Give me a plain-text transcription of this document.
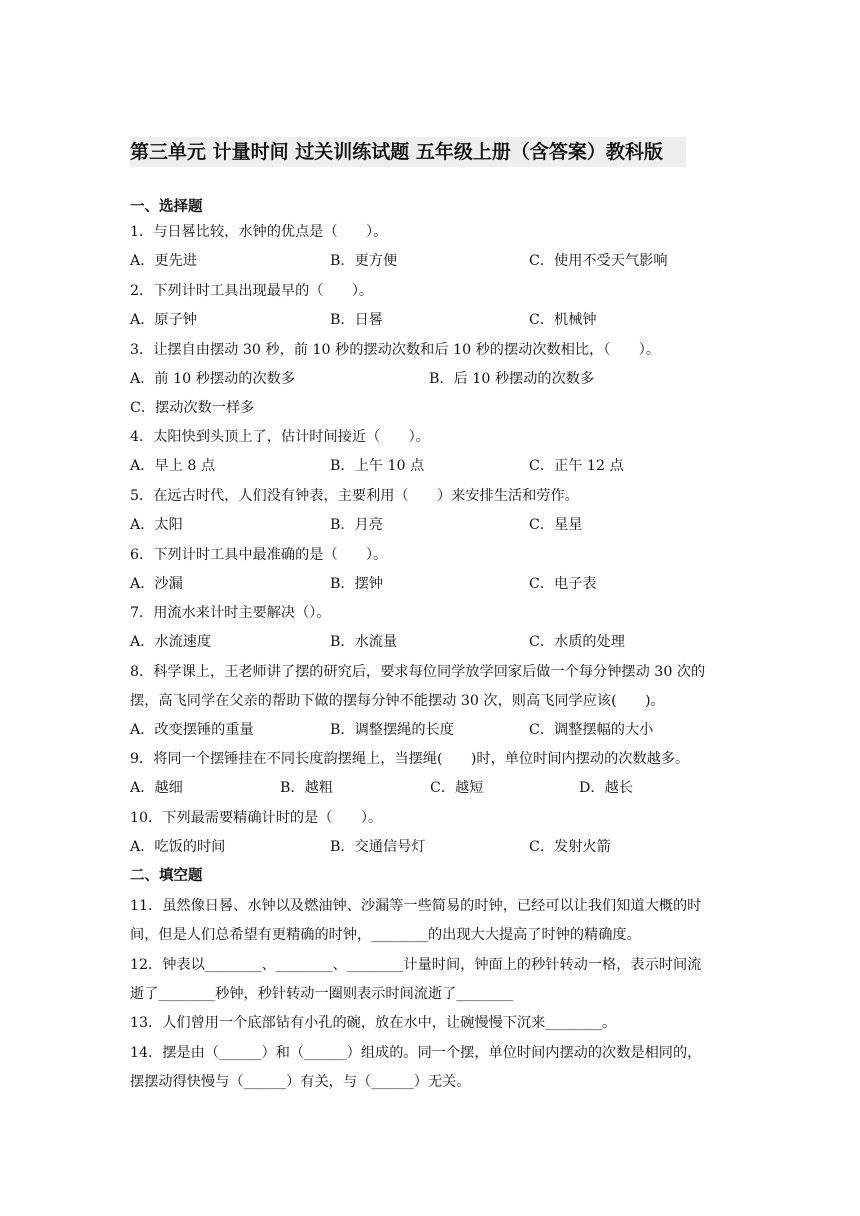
第三单元 计量时间 过关训练试题 五年级上册（含答案）教科版
一、选择题
1．与日晷比较，水钟的优点是（　　）。
A．更先进	B．更方便	C．使用不受天气影响
2．下列计时工具出现最早的（　　）。
A．原子钟	B．日晷	C．机械钟
3．让摆自由摆动 30 秒，前 10 秒的摆动次数和后 10 秒的摆动次数相比，（　　）。
A．前 10 秒摆动的次数多	B．后 10 秒摆动的次数多
C．摆动次数一样多
4．太阳快到头顶上了，估计时间接近（　　）。
A．早上 8 点	B．上午 10 点	C．正午 12 点
5．在远古时代，人们没有钟表，主要利用（　　）来安排生活和劳作。
A．太阳	B．月亮	C．星星
6．下列计时工具中最准确的是（　　）。
A．沙漏	B．摆钟	C．电子表
7．用流水来计时主要解决（）。
A．水流速度	B．水流量	C．水质的处理
8．科学课上，王老师讲了摆的研究后，要求每位同学放学回家后做一个每分钟摆动 30 次的
摆，高飞同学在父亲的帮助下做的摆每分钟不能摆动 30 次，则高飞同学应该(　　)。
A．改变摆锤的重量	B．调整摆绳的长度	C．调整摆幅的大小
9．将同一个摆锤挂在不同长度韵摆绳上，当摆绳(　　)时，单位时间内摆动的次数越多。
A．越细	B．越粗	C．越短	D．越长
10．下列最需要精确计时的是（　　）。
A．吃饭的时间	B．交通信号灯	C．发射火箭
二、填空题
11．虽然像日晷、水钟以及燃油钟、沙漏等一些简易的时钟，已经可以让我们知道大概的时
间，但是人们总希望有更精确的时钟，________的出现大大提高了时钟的精确度。
12．钟表以________、________、________计量时间，钟面上的秒针转动一格，表示时间流
逝了________秒钟，秒针转动一圈则表示时间流逝了________
13．人们曾用一个底部钻有小孔的碗，放在水中，让碗慢慢下沉来________。
14．摆是由（______）和（______）组成的。同一个摆，单位时间内摆动的次数是相同的，
摆摆动得快慢与（______）有关，与（______）无关。
